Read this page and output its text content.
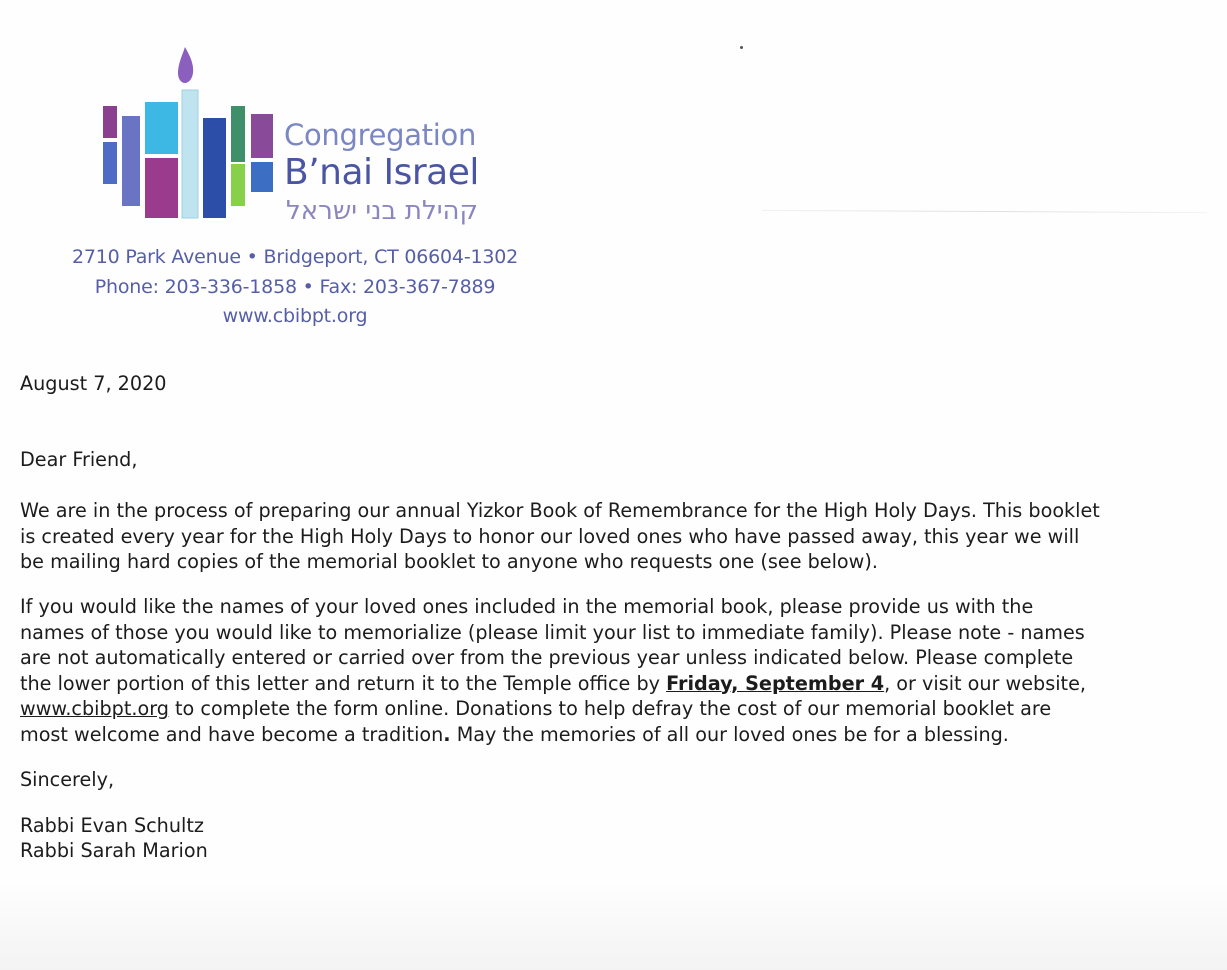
Congregation
B’nai Israel
קהילת בני ישראל
2710 Park Avenue • Bridgeport, CT 06604-1302
Phone: 203-336-1858 • Fax: 203-367-7889
www.cbibpt.org
August 7, 2020
Dear Friend,
We are in the process of preparing our annual Yizkor Book of Remembrance for the High Holy Days. This booklet
is created every year for the High Holy Days to honor our loved ones who have passed away, this year we will
be mailing hard copies of the memorial booklet to anyone who requests one (see below).
If you would like the names of your loved ones included in the memorial book, please provide us with the
names of those you would like to memorialize (please limit your list to immediate family). Please note - names
are not automatically entered or carried over from the previous year unless indicated below. Please complete
the lower portion of this letter and return it to the Temple office by Friday, September 4, or visit our website,
www.cbibpt.org to complete the form online. Donations to help defray the cost of our memorial booklet are
most welcome and have become a tradition. May the memories of all our loved ones be for a blessing.
Sincerely,
Rabbi Evan Schultz
Rabbi Sarah Marion
